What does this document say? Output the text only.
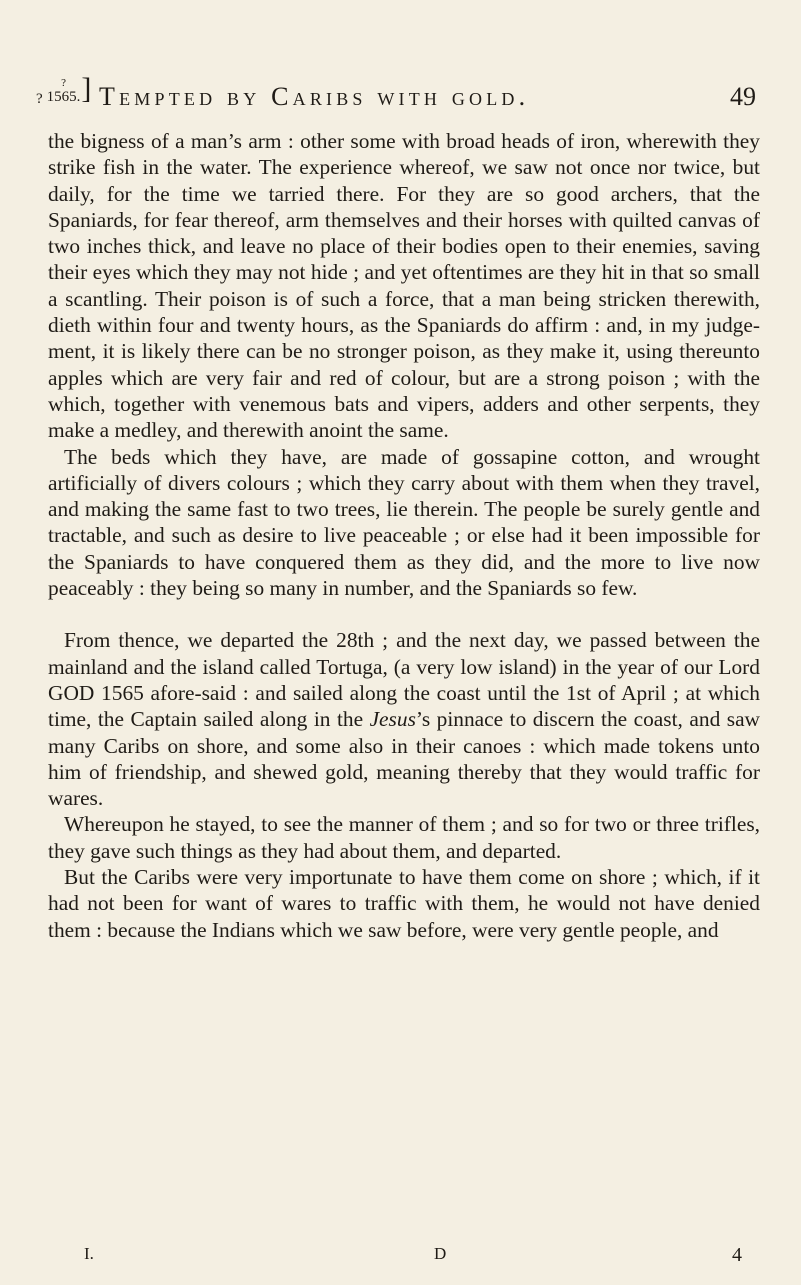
?
?
1565. ] Tempted by Caribs with gold.	49

the bigness of a man’s arm : other some with broad heads of iron, wherewith they strike fish in the water. The experience whereof, we saw not once nor twice, but daily, for the time we tarried there. For they are so good archers, that the Spaniards, for fear thereof, arm themselves and their horses with quilted canvas of two inches thick, and leave no place of their bodies open to their enemies, saving their eyes which they may not hide ; and yet oftentimes are they hit in that so small a scantling. Their poison is of such a force, that a man being stricken therewith, dieth within four and twenty hours, as the Spaniards do affirm : and, in my judge-ment, it is likely there can be no stronger poison, as they make it, using thereunto apples which are very fair and red of colour, but are a strong poison ; with the which, together with venemous bats and vipers, adders and other serpents, they make a medley, and therewith anoint the same.

The beds which they have, are made of gossapine cotton, and wrought artificially of divers colours ; which they carry about with them when they travel, and making the same fast to two trees, lie therein. The people be surely gentle and tractable, and such as desire to live peaceable ; or else had it been impossible for the Spaniards to have conquered them as they did, and the more to live now peaceably : they being so many in number, and the Spaniards so few.

From thence, we departed the 28th ; and the next day, we passed between the mainland and the island called Tortuga, (a very low island) in the year of our Lord GOD 1565 afore-said : and sailed along the coast until the 1st of April ; at which time, the Captain sailed along in the Jesus’s pinnace to discern the coast, and saw many Caribs on shore, and some also in their canoes : which made tokens unto him of friendship, and shewed gold, meaning thereby that they would traffic for wares.

Whereupon he stayed, to see the manner of them ; and so for two or three trifles, they gave such things as they had about them, and departed.

But the Caribs were very importunate to have them come on shore ; which, if it had not been for want of wares to traffic with them, he would not have denied them : because the Indians which we saw before, were very gentle people, and

I.	D	4
